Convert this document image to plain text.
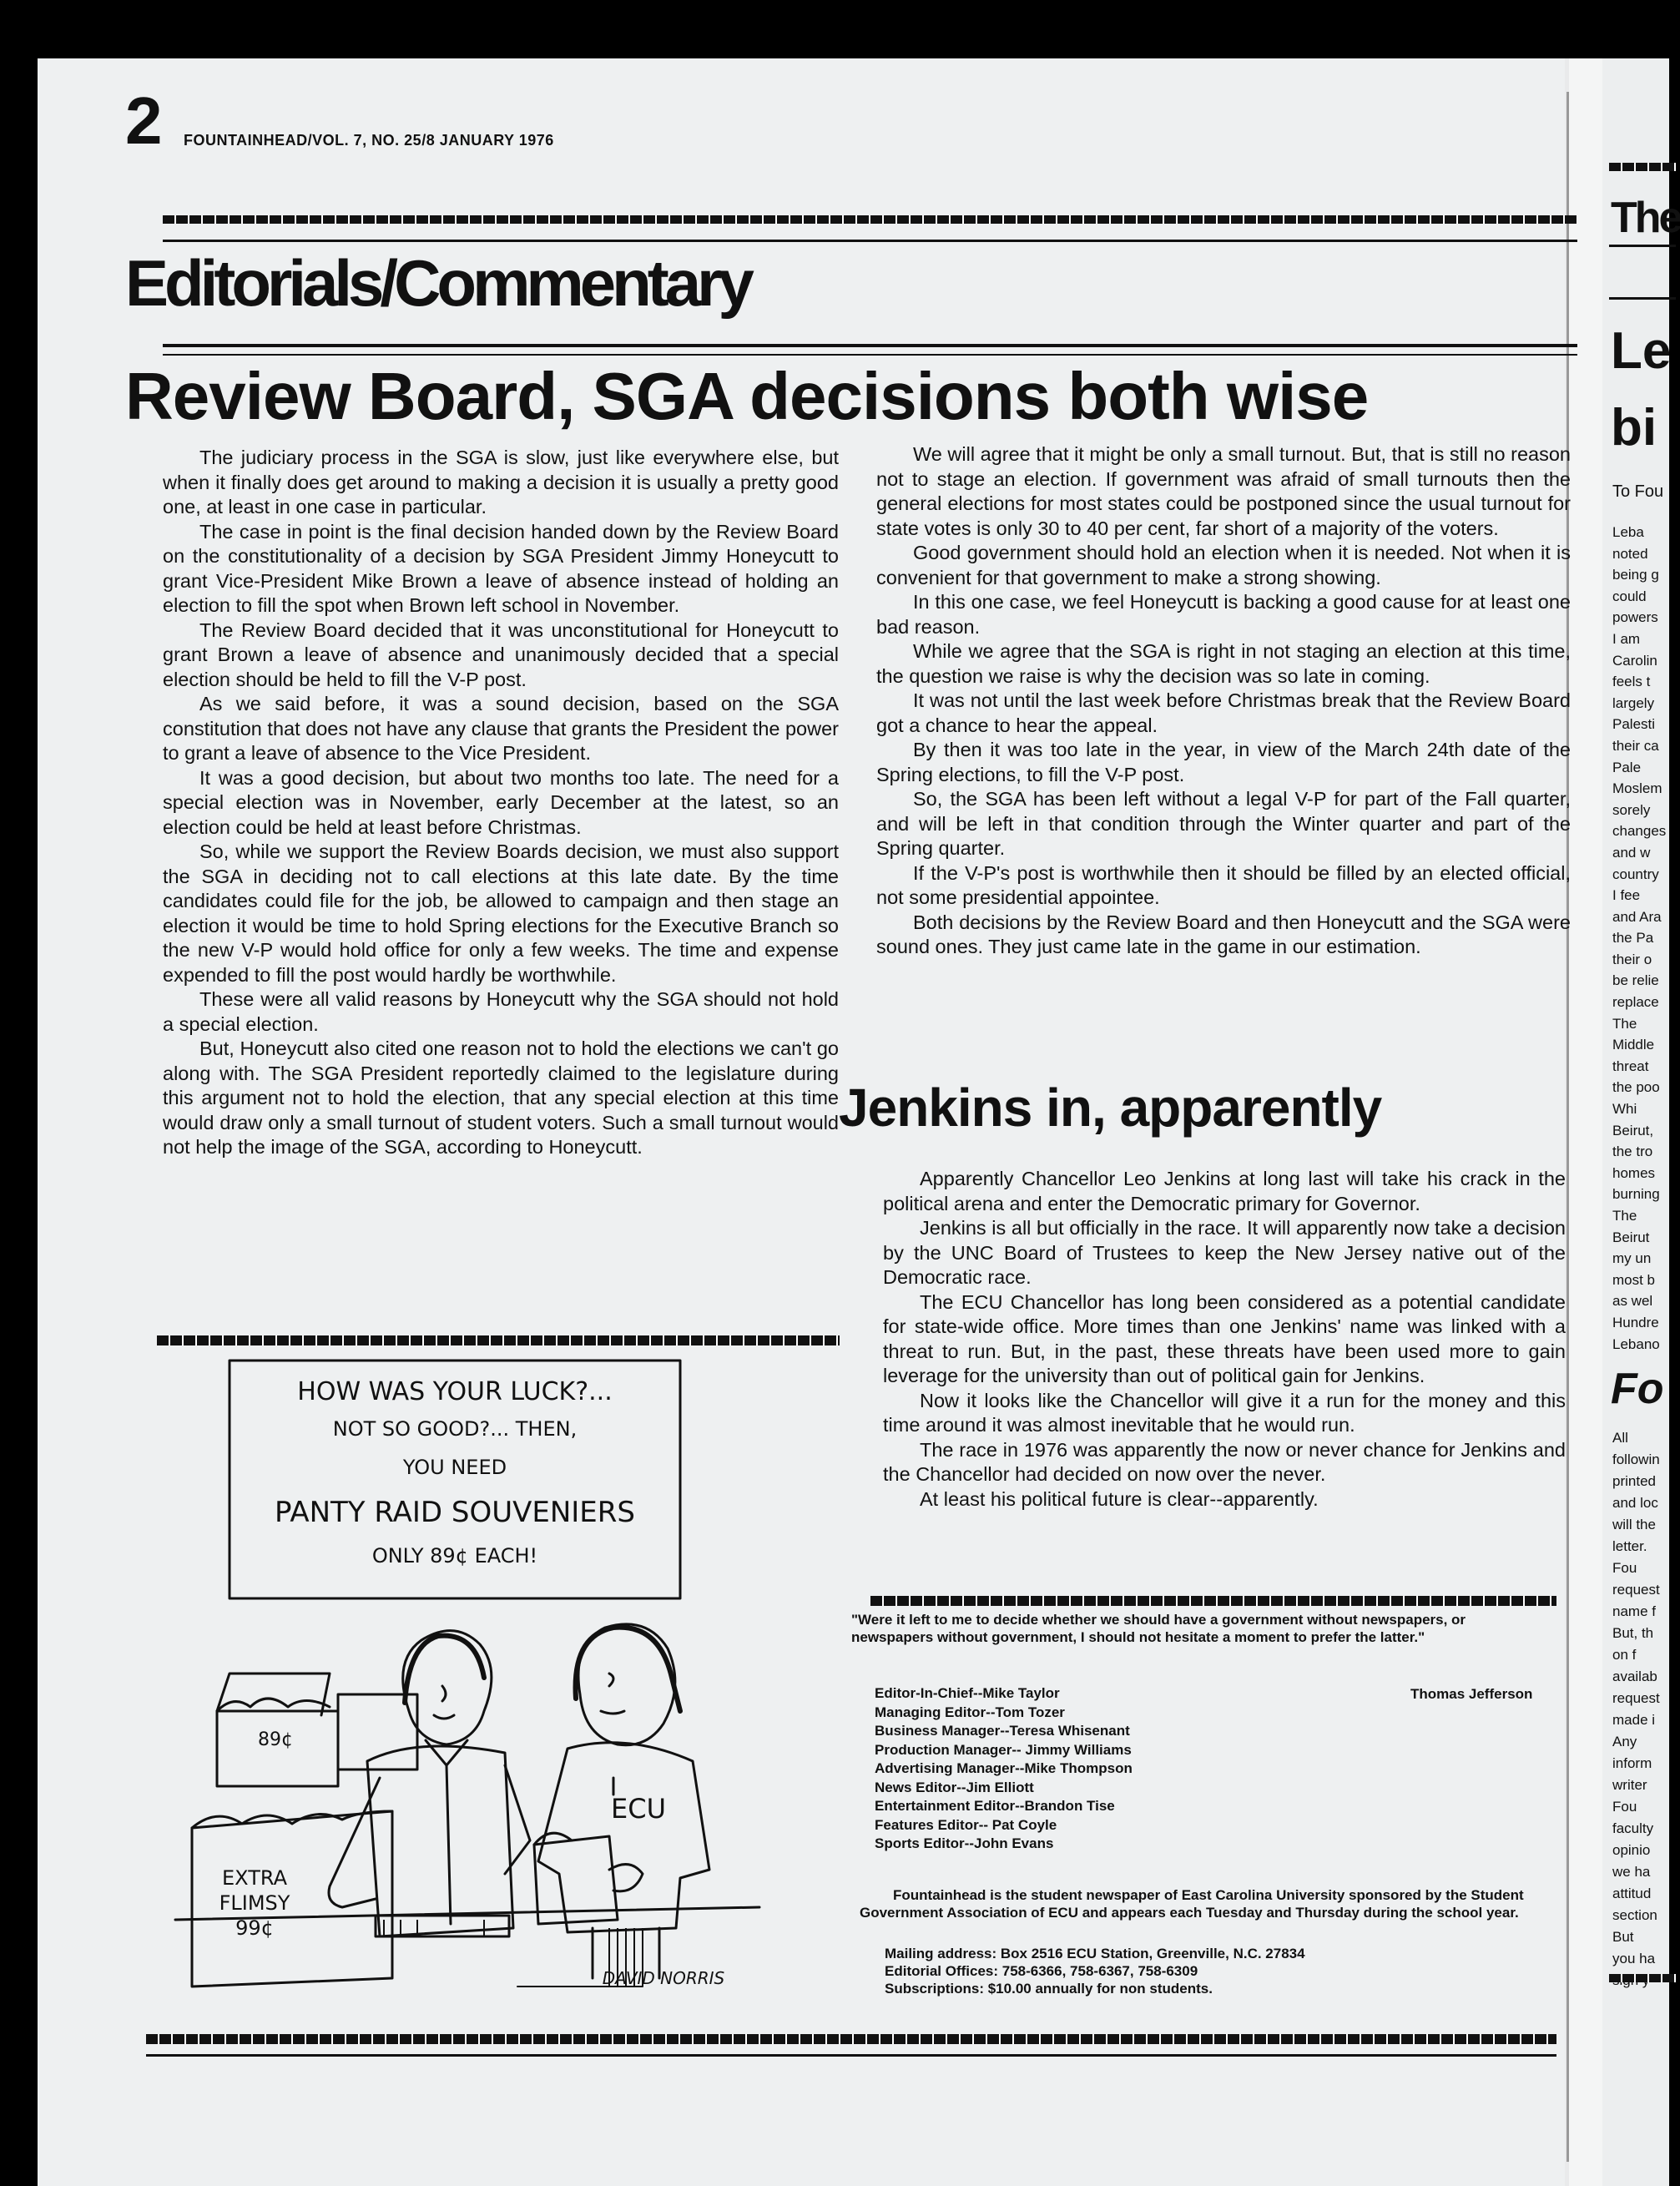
2 FOUNTAINHEAD/VOL. 7, NO. 25/8 JANUARY 1976
Editorials/Commentary
Review Board, SGA decisions both wise

The judiciary process in the SGA is slow, just like everywhere else, but when it finally does get around to making a decision it is usually a pretty good one, at least in one case in particular.

The case in point is the final decision handed down by the Review Board on the constitutionality of a decision by SGA President Jimmy Honeycutt to grant Vice-President Mike Brown a leave of absence instead of holding an election to fill the spot when Brown left school in November.

The Review Board decided that it was unconstitutional for Honeycutt to grant Brown a leave of absence and unanimously decided that a special election should be held to fill the V-P post.

As we said before, it was a sound decision, based on the SGA constitution that does not have any clause that grants the President the power to grant a leave of absence to the Vice President.

It was a good decision, but about two months too late. The need for a special election was in November, early December at the latest, so an election could be held at least before Christmas.

So, while we support the Review Boards decision, we must also support the SGA in deciding not to call elections at this late date. By the time candidates could file for the job, be allowed to campaign and then stage an election it would be time to hold Spring elections for the Executive Branch so the new V-P would hold office for only a few weeks. The time and expense expended to fill the post would hardly be worthwhile.

These were all valid reasons by Honeycutt why the SGA should not hold a special election.

But, Honeycutt also cited one reason not to hold the elections we can't go along with. The SGA President reportedly claimed to the legislature during this argument not to hold the election, that any special election at this time would draw only a small turnout of student voters. Such a small turnout would not help the image of the SGA, according to Honeycutt.

We will agree that it might be only a small turnout. But, that is still no reason not to stage an election. If government was afraid of small turnouts then the general elections for most states could be postponed since the usual turnout for state votes is only 30 to 40 per cent, far short of a majority of the voters.

Good government should hold an election when it is needed. Not when it is convenient for that government to make a strong showing.

In this one case, we feel Honeycutt is backing a good cause for at least one bad reason.

While we agree that the SGA is right in not staging an election at this time, the question we raise is why the decision was so late in coming.

It was not until the last week before Christmas break that the Review Board got a chance to hear the appeal.

By then it was too late in the year, in view of the March 24th date of the Spring elections, to fill the V-P post.

So, the SGA has been left without a legal V-P for part of the Fall quarter, and will be left in that condition through the Winter quarter and part of the Spring quarter.

If the V-P's post is worthwhile then it should be filled by an elected official, not some presidential appointee.

Both decisions by the Review Board and then Honeycutt and the SGA were sound ones. They just came late in the game in our estimation.

Jenkins in, apparently

Apparently Chancellor Leo Jenkins at long last will take his crack in the political arena and enter the Democratic primary for Governor.

Jenkins is all but officially in the race. It will apparently now take a decision by the UNC Board of Trustees to keep the New Jersey native out of the Democratic race.

The ECU Chancellor has long been considered as a potential candidate for state-wide office. More times than one Jenkins' name was linked with a threat to run. But, in the past, these threats have been used more to gain leverage for the university than out of political gain for Jenkins.

Now it looks like the Chancellor will give it a run for the money and this time around it was almost inevitable that he would run.

The race in 1976 was apparently the now or never chance for Jenkins and the Chancellor had decided on now over the never.

At least his political future is clear--apparently.

HOW WAS YOUR LUCK?...
NOT SO GOOD?... THEN,
YOU NEED
PANTY RAID SOUVENIERS
ONLY 89¢ EACH!
89¢
EXTRA
FLIMSY
99¢
ECU
DAVID NORRIS
"Were it left to me to decide whether we should have a government without newspapers, or newspapers without government, I should not hesitate a moment to prefer the latter."
Thomas Jefferson
Editor-In-Chief--Mike Taylor
Managing Editor--Tom Tozer
Business Manager--Teresa Whisenant
Production Manager-- Jimmy Williams
Advertising Manager--Mike Thompson
News Editor--Jim Elliott
Entertainment Editor--Brandon Tise
Features Editor-- Pat Coyle
Sports Editor--John Evans

Fountainhead is the student newspaper of East Carolina University sponsored by the Student Government Association of ECU and appears each Tuesday and Thursday during the school year.

Mailing address: Box 2516 ECU Station, Greenville, N.C. 27834
Editorial Offices: 758-6366, 758-6367, 758-6309
Subscriptions: $10.00 annually for non students.
The
Le
bi
To Fou
Leba
noted
being g
could
powers
I am
Carolin
feels t
largely
Palesti
their ca
Pale
Moslem
sorely
changes
and w
country
I fee
and Ara
the Pa
their o
be relie
replace
The
Middle
threat
the poo
Whi
Beirut,
the tro
homes
burning
The
Beirut
my un
most b
as wel
Hundre
Lebano
Fo
All
followin
printed
and loc
will the
letter.
Fou
request
name f
But, th
on f
availab
request
made i
Any
inform
writer
Fou
faculty
opinio
we ha
attitud
section
But
you ha
